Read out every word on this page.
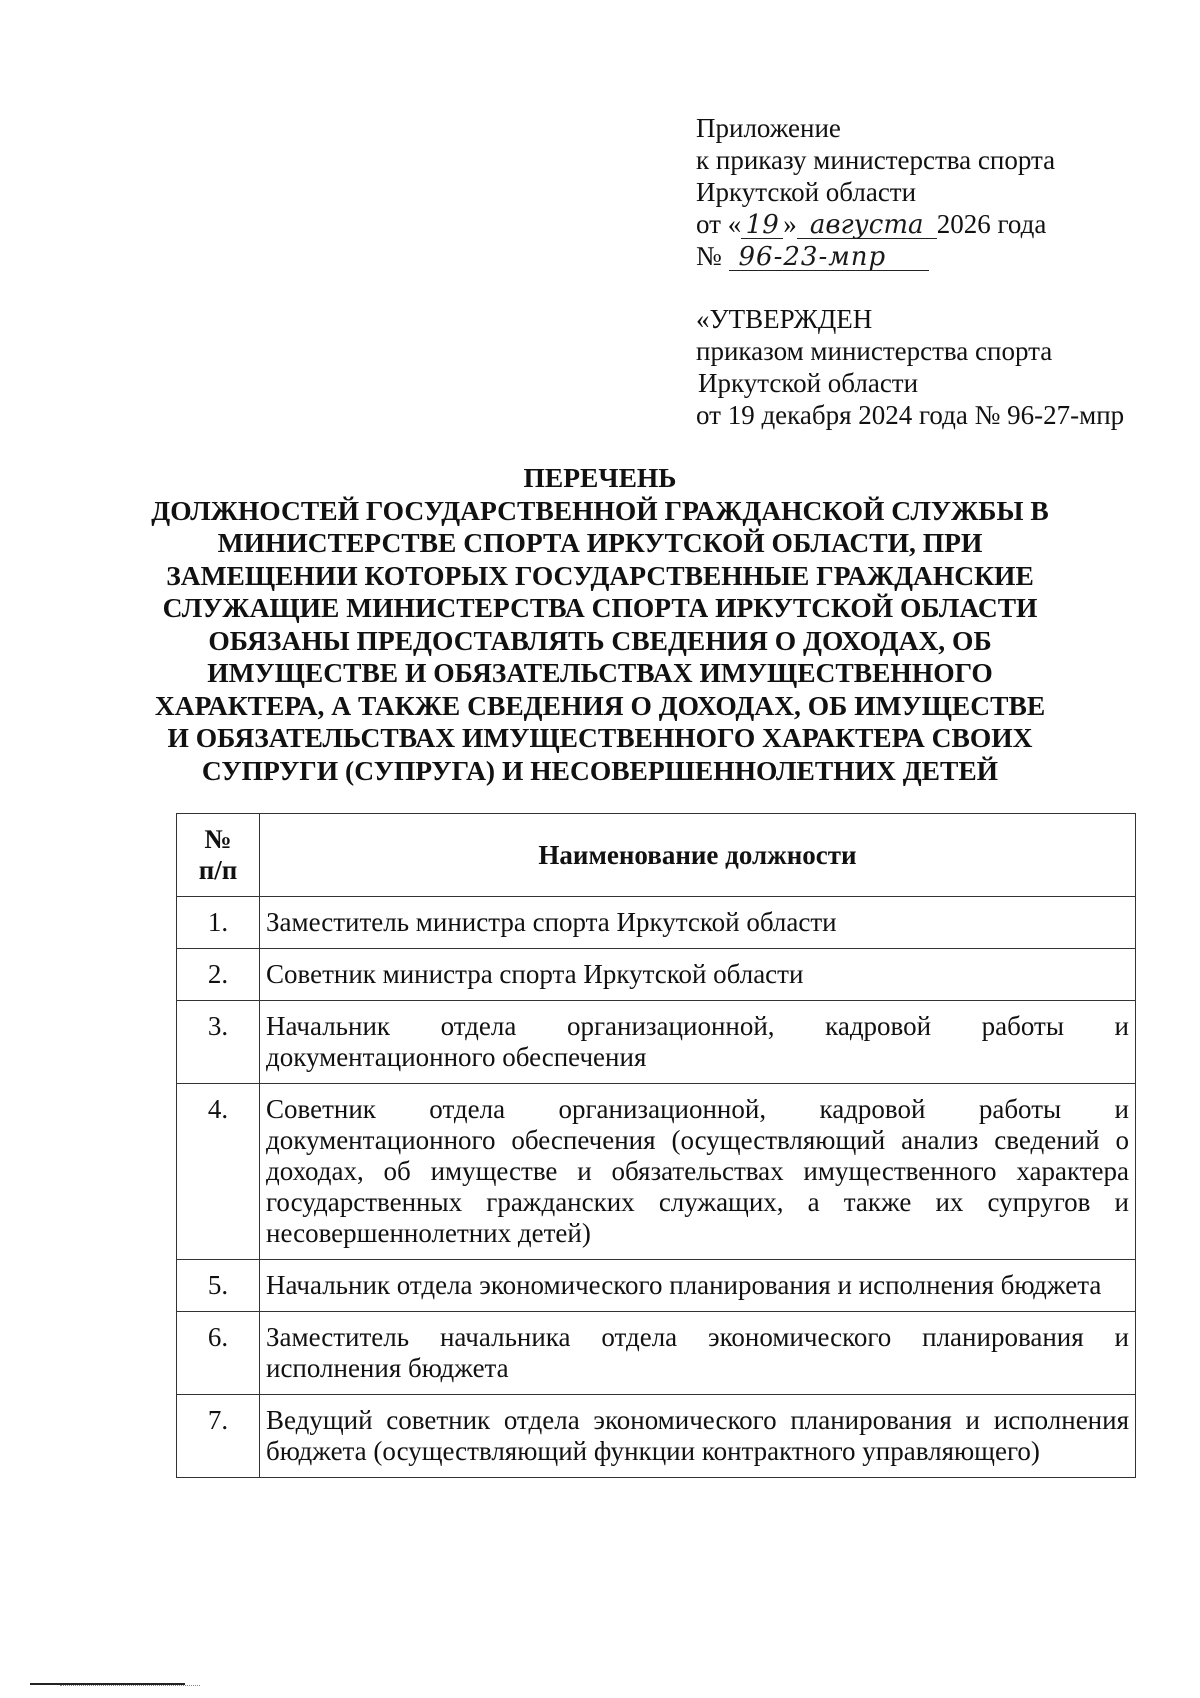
Приложение
к приказу министерства спорта
Иркутской области
от « 19 » августа 2026 года
№ 96-23-мпр
«УТВЕРЖДЕН
приказом министерства спорта
Иркутской области
от 19 декабря 2024 года № 96-27-мпр
ПЕРЕЧЕНЬ
ДОЛЖНОСТЕЙ ГОСУДАРСТВЕННОЙ ГРАЖДАНСКОЙ СЛУЖБЫ В
МИНИСТЕРСТВЕ СПОРТА ИРКУТСКОЙ ОБЛАСТИ, ПРИ
ЗАМЕЩЕНИИ КОТОРЫХ ГОСУДАРСТВЕННЫЕ ГРАЖДАНСКИЕ
СЛУЖАЩИЕ МИНИСТЕРСТВА СПОРТА ИРКУТСКОЙ ОБЛАСТИ
ОБЯЗАНЫ ПРЕДОСТАВЛЯТЬ СВЕДЕНИЯ О ДОХОДАХ, ОБ
ИМУЩЕСТВЕ И ОБЯЗАТЕЛЬСТВАХ ИМУЩЕСТВЕННОГО
ХАРАКТЕРА, А ТАКЖЕ СВЕДЕНИЯ О ДОХОДАХ, ОБ ИМУЩЕСТВЕ
И ОБЯЗАТЕЛЬСТВАХ ИМУЩЕСТВЕННОГО ХАРАКТЕРА СВОИХ
СУПРУГИ (СУПРУГА) И НЕСОВЕРШЕННОЛЕТНИХ ДЕТЕЙ
№
п/п	Наименование должности
1.	Заместитель министра спорта Иркутской области
2.	Советник министра спорта Иркутской области
3.	Начальник отдела организационной, кадровой работы и документационного обеспечения
4.	Советник отдела организационной, кадровой работы и документационного обеспечения (осуществляющий анализ сведений о доходах, об имуществе и обязательствах имущественного характера государственных гражданских служащих, а также их супругов и несовершеннолетних детей)
5.	Начальник отдела экономического планирования и исполнения бюджета
6.	Заместитель начальника отдела экономического планирования и исполнения бюджета
7.	Ведущий советник отдела экономического планирования и исполнения бюджета (осуществляющий функции контрактного управляющего)
